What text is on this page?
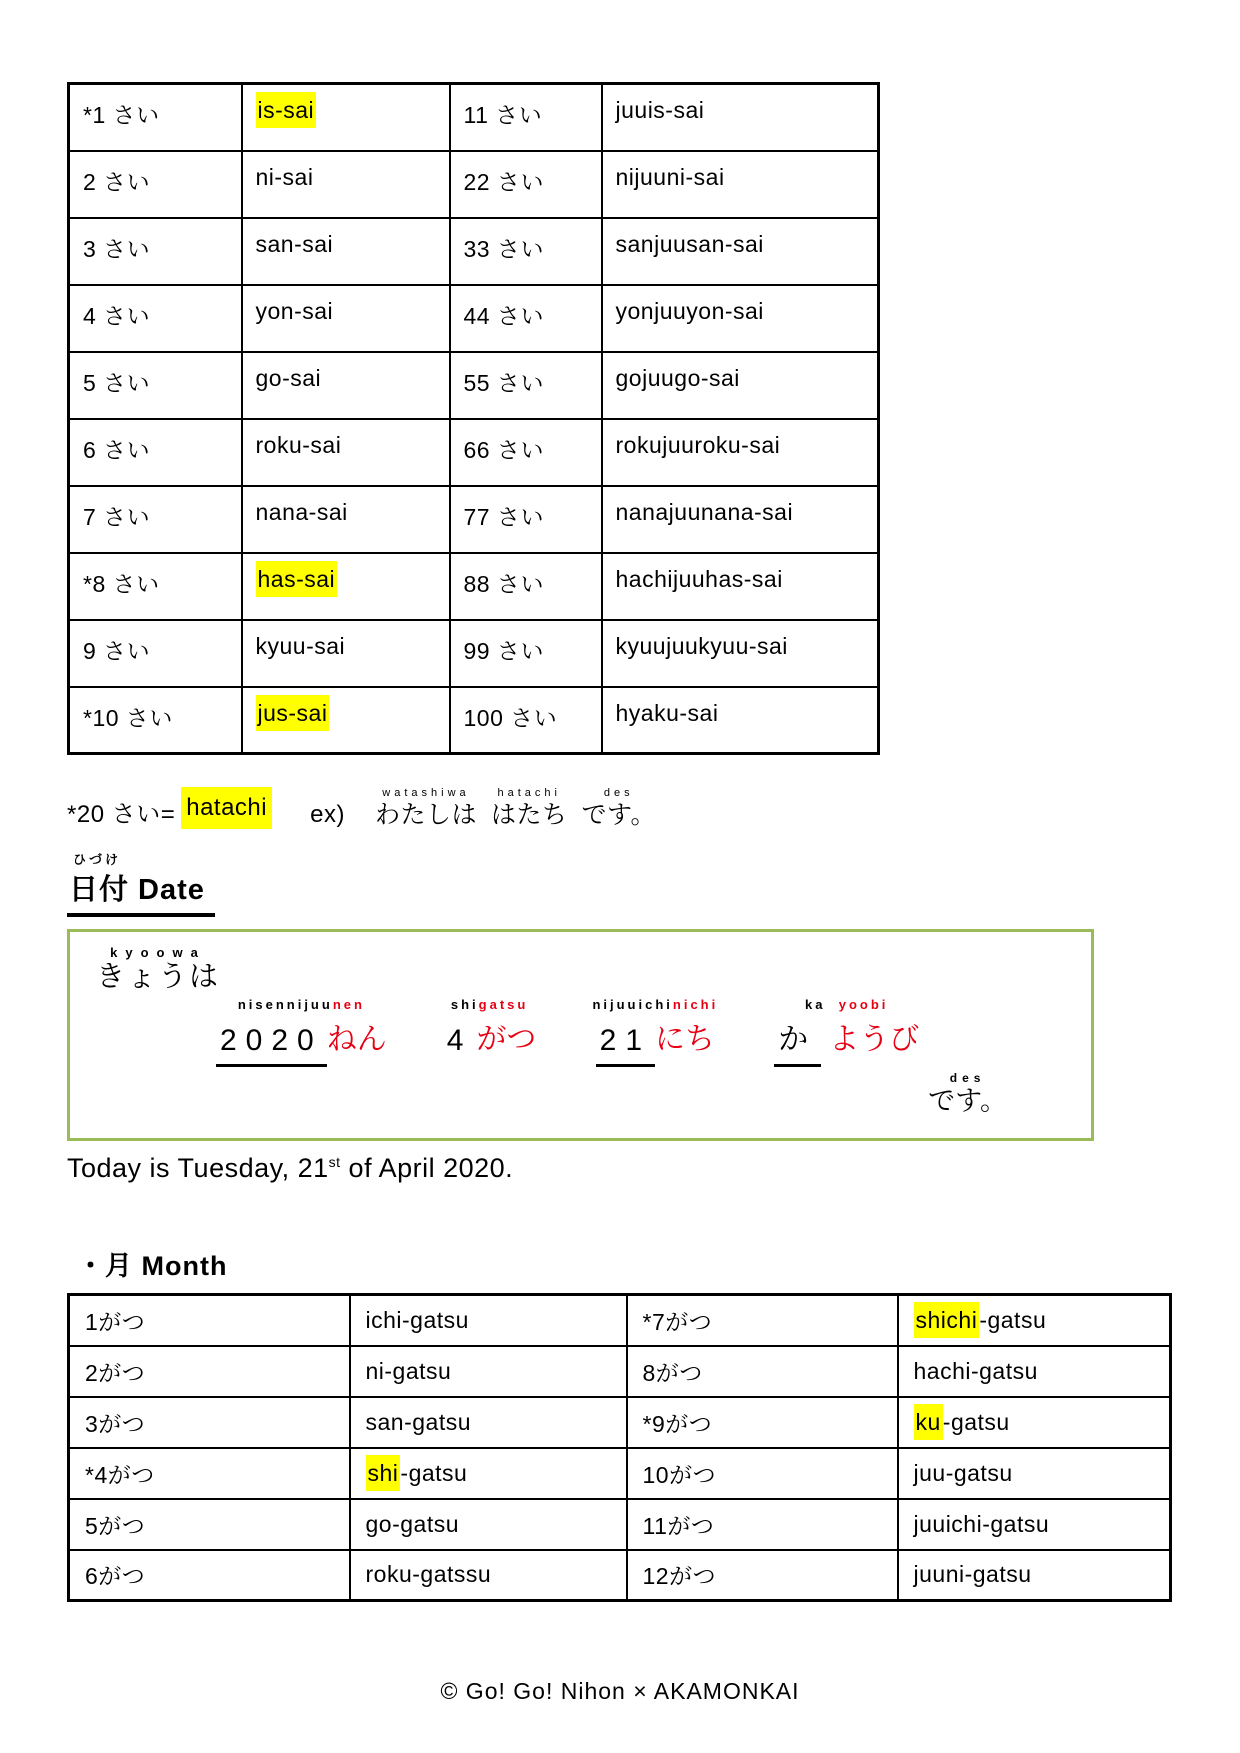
*1 さい	is-sai	11 さい	juuis-sai
2 さい	ni-sai	22 さい	nijuuni-sai
3 さい	san-sai	33 さい	sanjuusan-sai
4 さい	yon-sai	44 さい	yonjuuyon-sai
5 さい	go-sai	55 さい	gojuugo-sai
6 さい	roku-sai	66 さい	rokujuuroku-sai
7 さい	nana-sai	77 さい	nanajuunana-sai
*8 さい	has-sai	88 さい	hachijuuhas-sai
9 さい	kyuu-sai	99 さい	kyuujuukyuu-sai
*10 さい	jus-sai	100 さい	hyaku-sai
*20 さい= hatachi ex)
watashiwa
わたしは
hatachi
はたち
des
です。
ひづけ
日付 Date
kyoowa
きょうは
nisennijuunen
2020 ねん
shigatsu
4 がつ
nijuuichinichi
21 にち
ka yoobi
か ようび
des
です。
Today is Tuesday, 21st of April 2020.
・月 Month
1がつ	ichi-gatsu	*7がつ	shichi-gatsu
2がつ	ni-gatsu	8がつ	hachi-gatsu
3がつ	san-gatsu	*9がつ	ku-gatsu
*4がつ	shi-gatsu	10がつ	juu-gatsu
5がつ	go-gatsu	11がつ	juuichi-gatsu
6がつ	roku-gatssu	12がつ	juuni-gatsu
© Go! Go! Nihon × AKAMONKAI
